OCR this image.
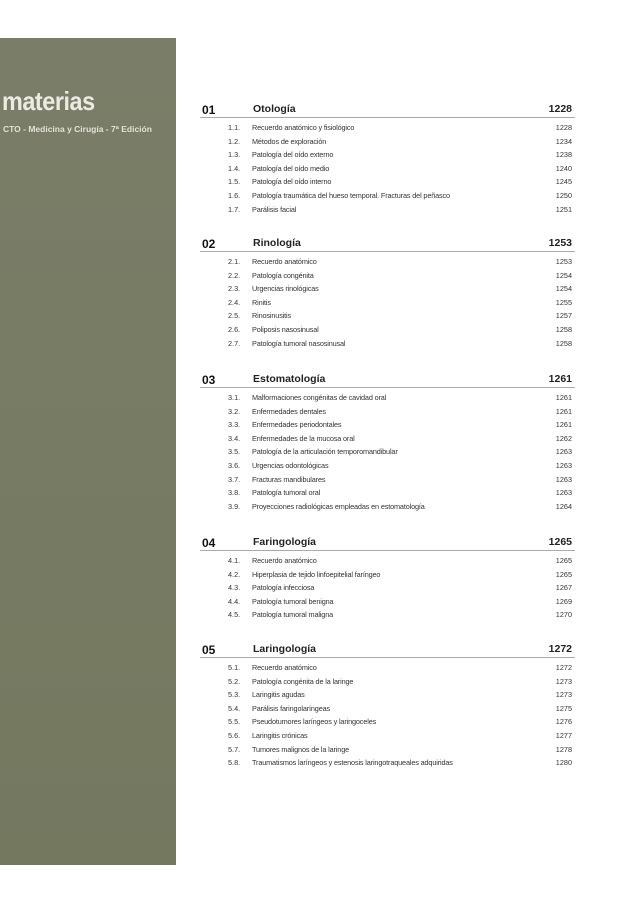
materias
CTO - Medicina y Cirugía - 7ª Edición
01	Otología	1228
1.1.	Recuerdo anatómico y fisiológico	1228
1.2.	Métodos de exploración	1234
1.3.	Patología del oído externo	1238
1.4.	Patología del oído medio	1240
1.5.	Patología del oído interno	1245
1.6.	Patología traumática del hueso temporal. Fracturas del peñasco	1250
1.7.	Parálisis facial	1251
02	Rinología	1253
2.1.	Recuerdo anatómico	1253
2.2.	Patología congénita	1254
2.3.	Urgencias rinológicas	1254
2.4.	Rinitis	1255
2.5.	Rinosinusitis	1257
2.6.	Poliposis nasosinusal	1258
2.7.	Patología tumoral nasosinusal	1258
03	Estomatología	1261
3.1.	Malformaciones congénitas de cavidad oral	1261
3.2.	Enfermedades dentales	1261
3.3.	Enfermedades periodontales	1261
3.4.	Enfermedades de la mucosa oral	1262
3.5.	Patología de la articulación temporomandibular	1263
3.6.	Urgencias odontológicas	1263
3.7.	Fracturas mandibulares	1263
3.8.	Patología tumoral oral	1263
3.9.	Proyecciones radiológicas empleadas en estomatología	1264
04	Faringología	1265
4.1.	Recuerdo anatómico	1265
4.2.	Hiperplasia de tejido linfoepitelial faríngeo	1265
4.3.	Patología infecciosa	1267
4.4.	Patología tumoral benigna	1269
4.5.	Patología tumoral maligna	1270
05	Laringología	1272
5.1.	Recuerdo anatómico	1272
5.2.	Patología congénita de la laringe	1273
5.3.	Laringitis agudas	1273
5.4.	Parálisis faringolaríngeas	1275
5.5.	Pseudotumores laríngeos y laringoceles	1276
5.6.	Laringitis crónicas	1277
5.7.	Tumores malignos de la laringe	1278
5.8.	Traumatismos laríngeos y estenosis laringotraqueales adquiridas	1280
